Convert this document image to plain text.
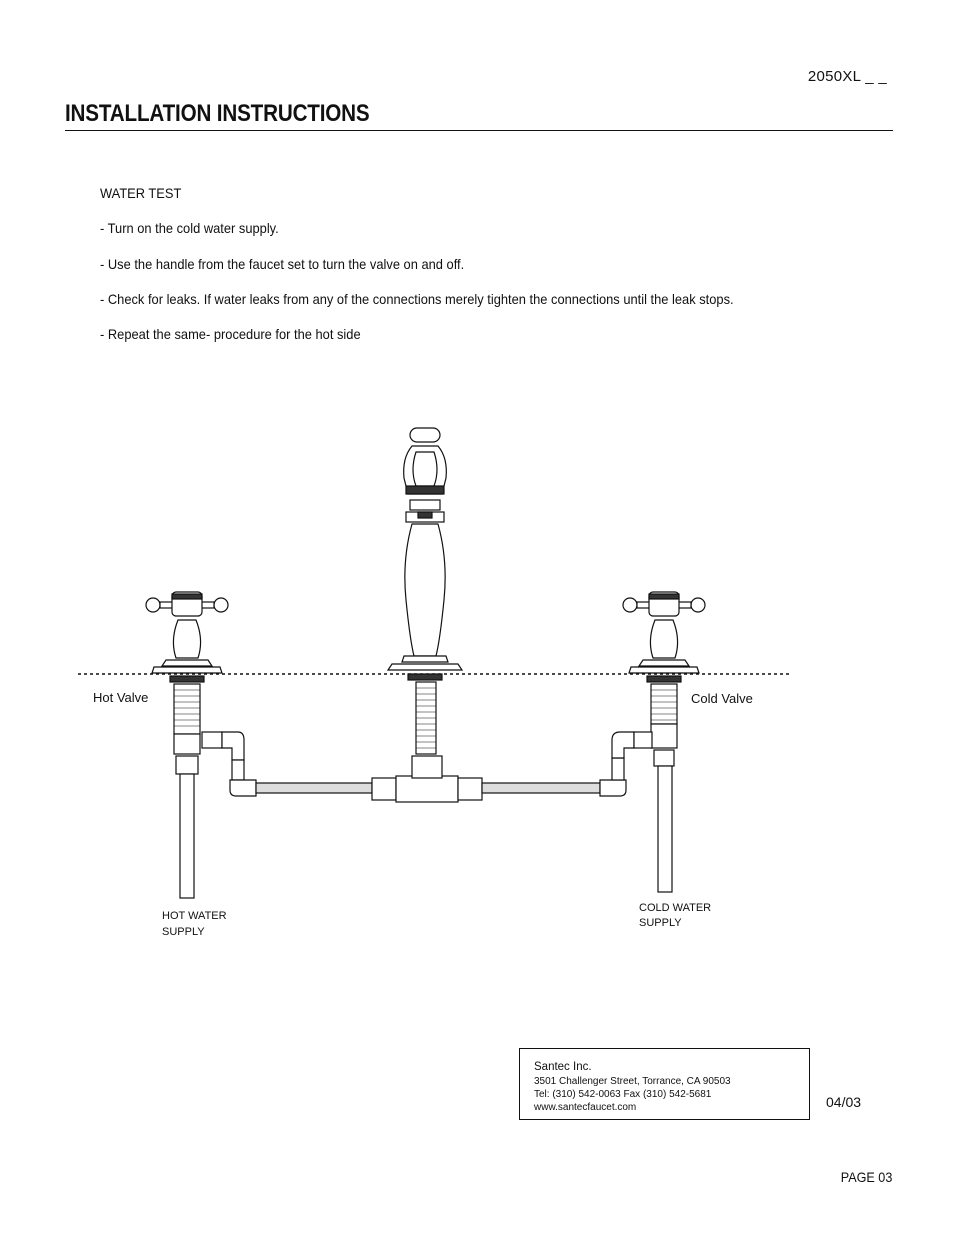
2050XL _ _
INSTALLATION INSTRUCTIONS
WATER TEST
- Turn on the cold water supply.
- Use the handle from the faucet set to turn the valve on and off.
- Check for leaks. If water leaks from any of the connections merely tighten the connections until the leak stops.
- Repeat the same- procedure for the hot side
Hot Valve	Cold Valve
HOT WATER
SUPPLY
COLD WATER
SUPPLY
Santec Inc.
3501 Challenger Street, Torrance, CA 90503
Tel: (310) 542-0063 Fax (310) 542-5681
www.santecfaucet.com	04/03
PAGE 03
